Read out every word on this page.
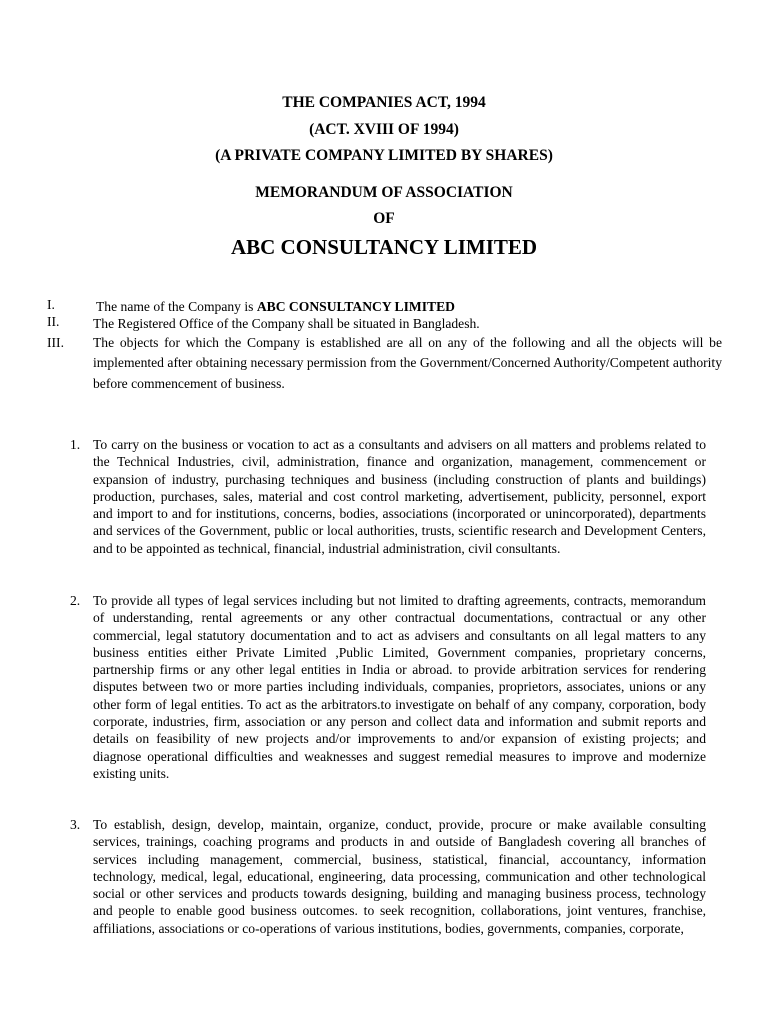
THE COMPANIES ACT, 1994
(ACT. XVIII OF 1994)
(A PRIVATE COMPANY LIMITED BY SHARES)
MEMORANDUM OF ASSOCIATION
OF
ABC CONSULTANCY LIMITED
I.	The name of the Company is ABC CONSULTANCY LIMITED
II. The Registered Office of the Company shall be situated in Bangladesh.
III. The objects for which the Company is established are all on any of the following and all the objects will be implemented after obtaining necessary permission from the Government/Concerned Authority/Competent authority before commencement of business.
1. To carry on the business or vocation to act as a consultants and advisers on all matters and problems related to the Technical Industries, civil, administration, finance and organization, management, commencement or expansion of industry, purchasing techniques and business (including construction of plants and buildings) production, purchases, sales, material and cost control marketing, advertisement, publicity, personnel, export and import to and for institutions, concerns, bodies, associations (incorporated or unincorporated), departments and services of the Government, public or local authorities, trusts, scientific research and Development Centers, and to be appointed as technical, financial, industrial administration, civil consultants.
2. To provide all types of legal services including but not limited to drafting agreements, contracts, memorandum of understanding, rental agreements or any other contractual documentations, contractual or any other commercial, legal statutory documentation and to act as advisers and consultants on all legal matters to any business entities either Private Limited ,Public Limited, Government companies, proprietary concerns, partnership firms or any other legal entities in India or abroad. to provide arbitration services for rendering disputes between two or more parties including individuals, companies, proprietors, associates, unions or any other form of legal entities. To act as the arbitrators.to investigate on behalf of any company, corporation, body corporate, industries, firm, association or any person and collect data and information and submit reports and details on feasibility of new projects and/or improvements to and/or expansion of existing projects; and diagnose operational difficulties and weaknesses and suggest remedial measures to improve and modernize existing units.
3. To establish, design, develop, maintain, organize, conduct, provide, procure or make available consulting services, trainings, coaching programs and products in and outside of Bangladesh covering all branches of services including management, commercial, business, statistical, financial, accountancy, information technology, medical, legal, educational, engineering, data processing, communication and other technological social or other services and products towards designing, building and managing business process, technology and people to enable good business outcomes. to seek recognition, collaborations, joint ventures, franchise, affiliations, associations or co-operations of various institutions, bodies, governments, companies, corporate,
